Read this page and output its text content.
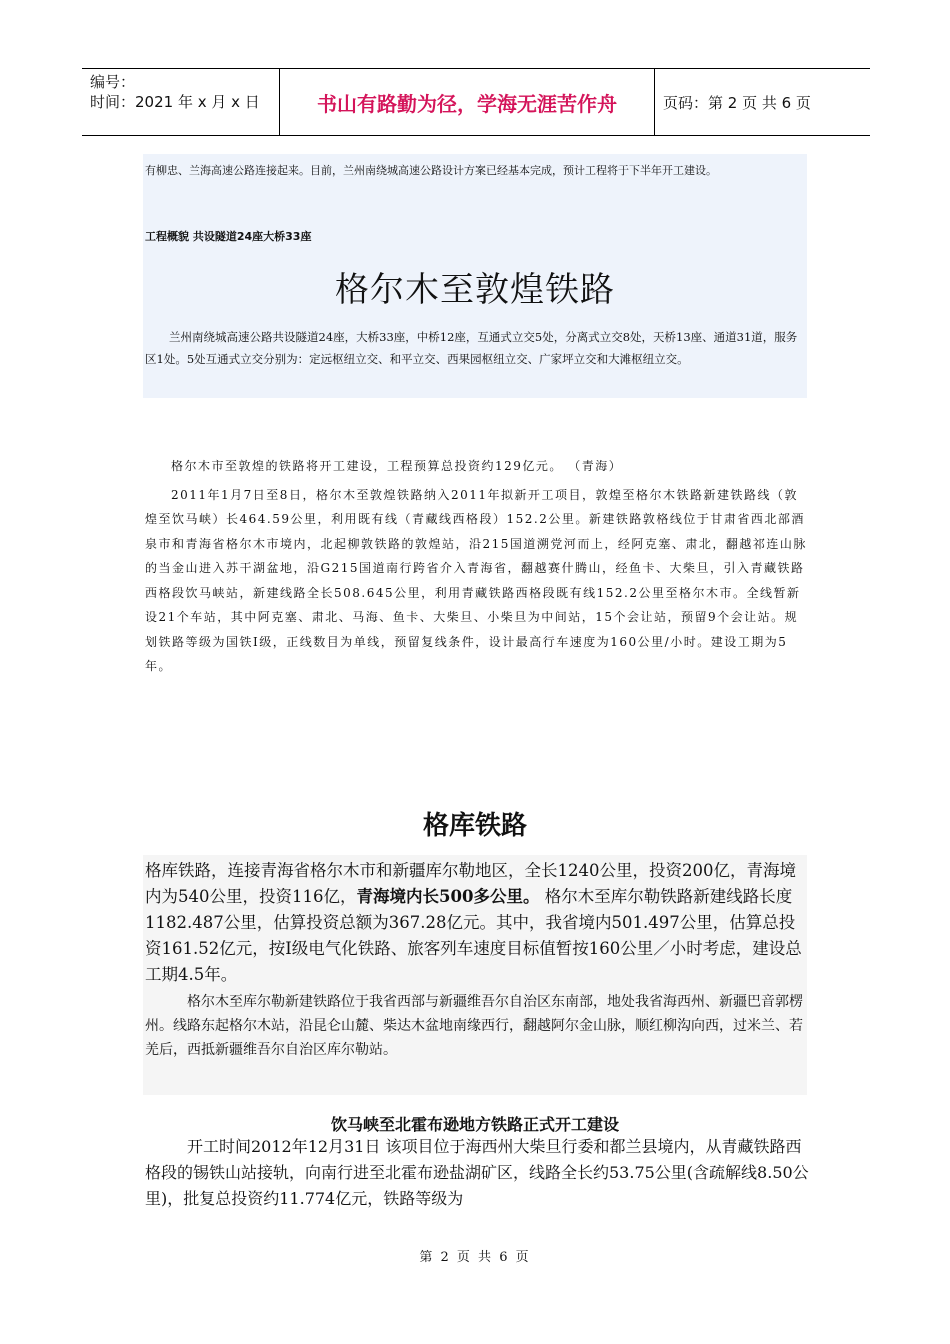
编号：
时间：2021 年 x 月 x 日	书山有路勤为径，学海无涯苦作舟	页码：第 2 页 共 6 页
有柳忠、兰海高速公路连接起来。目前，兰州南绕城高速公路设计方案已经基本完成，预计工程将于下半年开工建设。
工程概貌 共设隧道24座大桥33座
格尔木至敦煌铁路
兰州南绕城高速公路共设隧道24座，大桥33座，中桥12座，互通式立交5处，分离式立交8处，天桥13座、通道31道，服务区1处。5处互通式立交分别为：定远枢纽立交、和平立交、西果园枢纽立交、广家坪立交和大滩枢纽立交。

格尔木市至敦煌的铁路将开工建设，工程预算总投资约129亿元。 （青海）

2011年1月7日至8日，格尔木至敦煌铁路纳入2011年拟新开工项目，敦煌至格尔木铁路新建铁路线（敦煌至饮马峡）长464.59公里，利用既有线（青藏线西格段）152.2公里。新建铁路敦格线位于甘肃省西北部酒泉市和青海省格尔木市境内，北起柳敦铁路的敦煌站，沿215国道溯党河而上，经阿克塞、肃北，翻越祁连山脉的当金山进入苏干湖盆地，沿G215国道南行跨省介入青海省，翻越赛什腾山，经鱼卡、大柴旦，引入青藏铁路西格段饮马峡站，新建线路全长508.645公里，利用青藏铁路西格段既有线152.2公里至格尔木市。全线暂新设21个车站，其中阿克塞、肃北、马海、鱼卡、大柴旦、小柴旦为中间站，15个会让站，预留9个会让站。规划铁路等级为国铁Ⅰ级，正线数目为单线，预留复线条件，设计最高行车速度为160公里/小时。建设工期为5年。

格库铁路
格库铁路，连接青海省格尔木市和新疆库尔勒地区，全长1240公里，投资200亿，青海境内为540公里，投资116亿，青海境内长500多公里。 格尔木至库尔勒铁路新建线路长度1182.487公里，估算投资总额为367.28亿元。其中，我省境内501.497公里，估算总投资161.52亿元，按Ⅰ级电气化铁路、旅客列车速度目标值暂按160公里／小时考虑，建设总工期4.5年。
格尔木至库尔勒新建铁路位于我省西部与新疆维吾尔自治区东南部，地处我省海西州、新疆巴音郭楞州。线路东起格尔木站，沿昆仑山麓、柴达木盆地南缘西行，翻越阿尔金山脉，顺红柳沟向西，过米兰、若羌后，西抵新疆维吾尔自治区库尔勒站。
饮马峡至北霍布逊地方铁路正式开工建设
开工时间2012年12月31日 该项目位于海西州大柴旦行委和都兰县境内，从青藏铁路西格段的锡铁山站接轨，向南行进至北霍布逊盐湖矿区，线路全长约53.75公里(含疏解线8.50公里)，批复总投资约11.774亿元，铁路等级为
第 2 页 共 6 页
